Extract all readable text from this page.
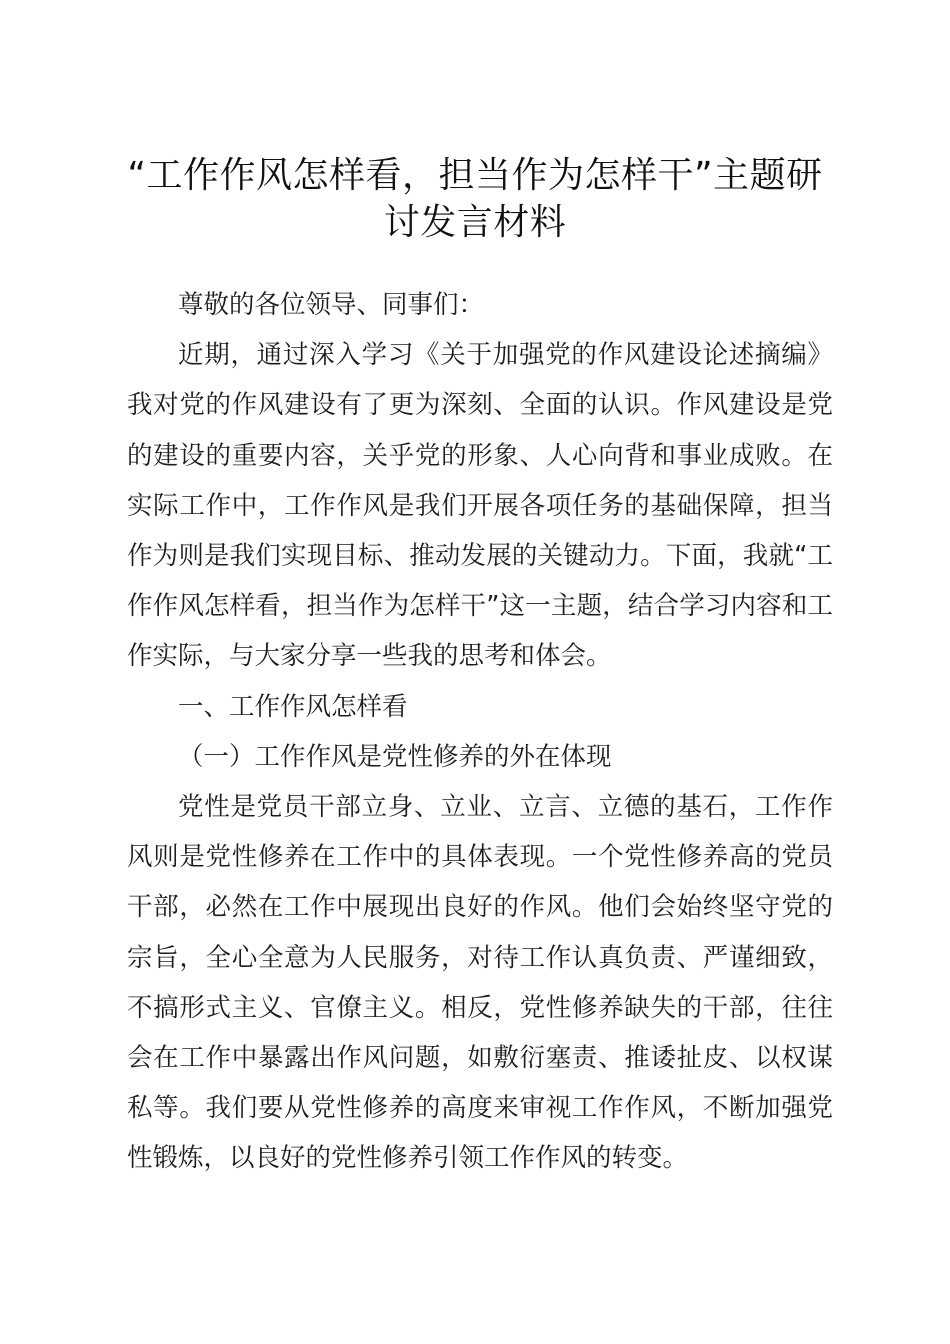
“工作作风怎样看，担当作为怎样干”主题研讨发言材料

尊敬的各位领导、同事们：

近期，通过深入学习《关于加强党的作风建设论述摘编》我对党的作风建设有了更为深刻、全面的认识。作风建设是党的建设的重要内容，关乎党的形象、人心向背和事业成败。在实际工作中，工作作风是我们开展各项任务的基础保障，担当作为则是我们实现目标、推动发展的关键动力。下面，我就“工作作风怎样看，担当作为怎样干”这一主题，结合学习内容和工作实际，与大家分享一些我的思考和体会。

一、工作作风怎样看

（一）工作作风是党性修养的外在体现

党性是党员干部立身、立业、立言、立德的基石，工作作风则是党性修养在工作中的具体表现。一个党性修养高的党员干部，必然在工作中展现出良好的作风。他们会始终坚守党的宗旨，全心全意为人民服务，对待工作认真负责、严谨细致，不搞形式主义、官僚主义。相反，党性修养缺失的干部，往往会在工作中暴露出作风问题，如敷衍塞责、推诿扯皮、以权谋私等。我们要从党性修养的高度来审视工作作风，不断加强党性锻炼，以良好的党性修养引领工作作风的转变。
